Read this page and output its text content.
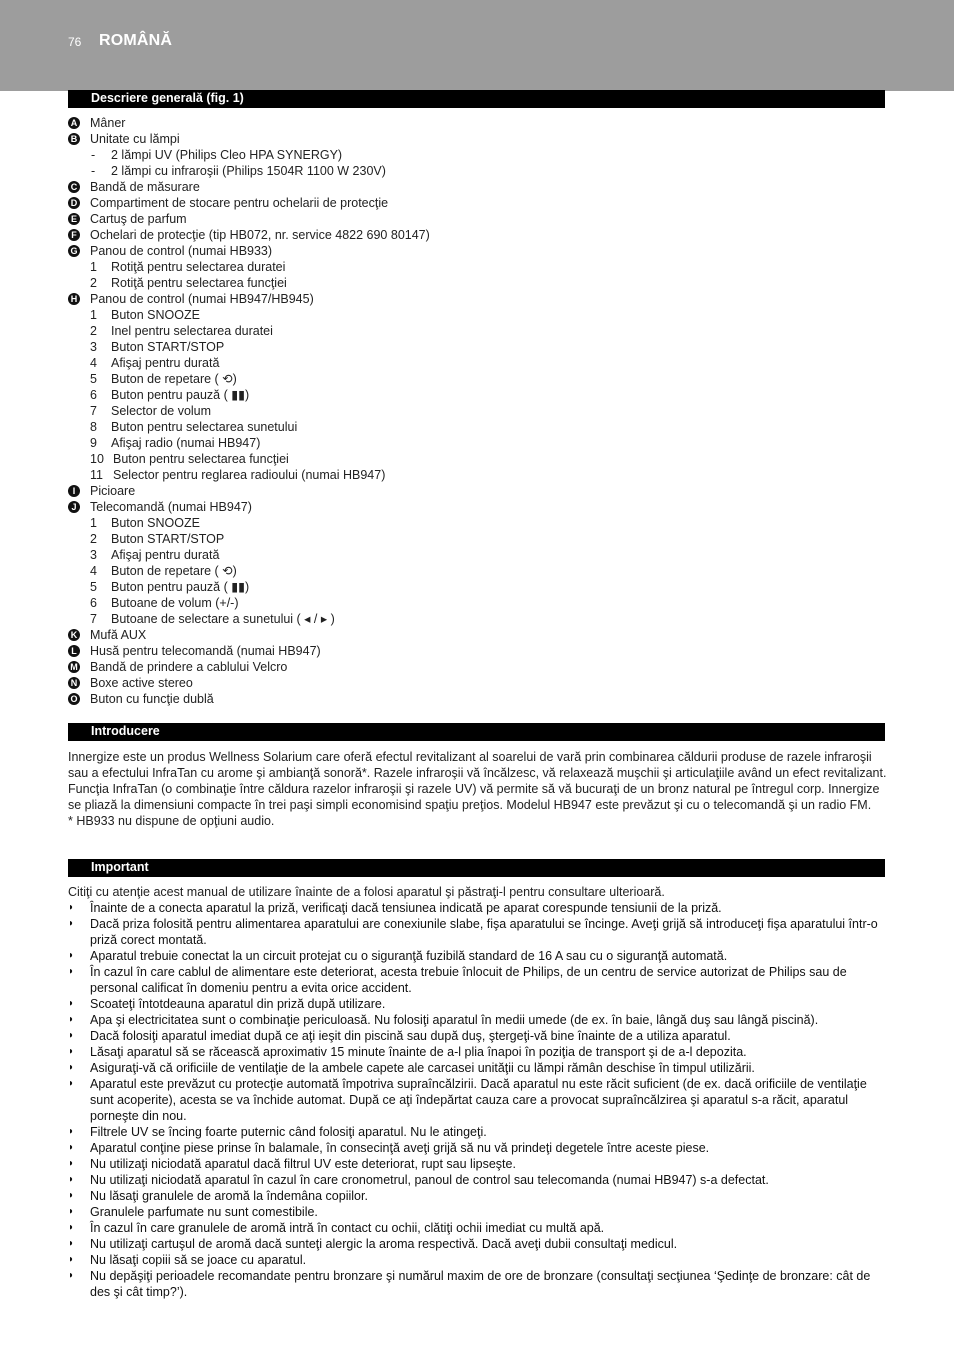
76 ROMÂNĂ
Descriere generală (fig. 1)
A Mâner
B Unitate cu lămpi
- 2 lămpi UV (Philips Cleo HPA SYNERGY)
- 2 lămpi cu infraroşii (Philips 1504R 1100 W 230V)
C Bandă de măsurare
D Compartiment de stocare pentru ochelarii de protecţie
E Cartuş de parfum
F Ochelari de protecţie (tip HB072, nr. service 4822 690 80147)
G Panou de control (numai HB933)
1 Rotiţă pentru selectarea duratei
2 Rotiţă pentru selectarea funcţiei
H Panou de control (numai HB947/HB945)
1 Buton SNOOZE
2 Inel pentru selectarea duratei
3 Buton START/STOP
4 Afişaj pentru durată
5 Buton de repetare ( ⟲)
6 Buton pentru pauză ( ▮▮)
7 Selector de volum
8 Buton pentru selectarea sunetului
9 Afişaj radio (numai HB947)
10 Buton pentru selectarea funcţiei
11 Selector pentru reglarea radioului (numai HB947)
I	Picioare
J Telecomandă (numai HB947)
1 Buton SNOOZE
2 Buton START/STOP
3 Afişaj pentru durată
4 Buton de repetare ( ⟲)
5 Buton pentru pauză ( ▮▮)
6 Butoane de volum (+/-)
7 Butoane de selectare a sunetului ( ◂ / ▸ )
K Mufă AUX
L Husă pentru telecomandă (numai HB947)
M Bandă de prindere a cablului Velcro
N Boxe active stereo
O Buton cu funcţie dublă
Introducere

Innergize este un produs Wellness Solarium care oferă efectul revitalizant al soarelui de vară prin combinarea căldurii produse de razele infraroşii sau a efectului InfraTan cu arome şi ambianţă sonoră*. Razele infraroşii vă încălzesc, vă relaxează muşchii şi articulaţiile având un efect revitalizant. Funcţia InfraTan (o combinaţie între căldura razelor infraroşii şi razele UV) vă permite să vă bucuraţi de un bronz natural pe întregul corp. Innergize se pliază la dimensiuni compacte în trei paşi simpli economisind spaţiu preţios. Modelul HB947 este prevăzut şi cu o telecomandă şi un radio FM.

* HB933 nu dispune de opţiuni audio.

Important
Citiţi cu atenţie acest manual de utilizare înainte de a folosi aparatul şi păstraţi-l pentru consultare ulterioară.
◗ Înainte de a conecta aparatul la priză, verificaţi dacă tensiunea indicată pe aparat corespunde tensiunii de la priză.
◗ Dacă priza folosită pentru alimentarea aparatului are conexiunile slabe, fişa aparatului se încinge. Aveţi grijă să introduceţi fişa aparatului într-o priză corect montată.
◗ Aparatul trebuie conectat la un circuit protejat cu o siguranţă fuzibilă standard de 16 A sau cu o siguranţă automată.
◗ În cazul în care cablul de alimentare este deteriorat, acesta trebuie înlocuit de Philips, de un centru de service autorizat de Philips sau de personal calificat în domeniu pentru a evita orice accident.
◗ Scoateţi întotdeauna aparatul din priză după utilizare.
◗ Apa şi electricitatea sunt o combinaţie periculoasă. Nu folosiţi aparatul în medii umede (de ex. în baie, lângă duş sau lângă piscină).
◗ Dacă folosiţi aparatul imediat după ce aţi ieşit din piscină sau după duş, ştergeţi-vă bine înainte de a utiliza aparatul.
◗ Lăsaţi aparatul să se răcească aproximativ 15 minute înainte de a-l plia înapoi în poziţia de transport şi de a-l depozita.
◗ Asiguraţi-vă că orificiile de ventilaţie de la ambele capete ale carcasei unităţii cu lămpi rămân deschise în timpul utilizării.
◗ Aparatul este prevăzut cu protecţie automată împotriva supraîncălzirii. Dacă aparatul nu este răcit suficient (de ex. dacă orificiile de ventilaţie sunt acoperite), acesta se va închide automat. După ce aţi îndepărtat cauza care a provocat supraîncălzirea şi aparatul s-a răcit, aparatul porneşte din nou.
◗ Filtrele UV se încing foarte puternic când folosiţi aparatul. Nu le atingeţi.
◗ Aparatul conţine piese prinse în balamale, în consecinţă aveţi grijă să nu vă prindeţi degetele între aceste piese.
◗ Nu utilizaţi niciodată aparatul dacă filtrul UV este deteriorat, rupt sau lipseşte.
◗ Nu utilizaţi niciodată aparatul în cazul în care cronometrul, panoul de control sau telecomanda (numai HB947) s-a defectat.
◗ Nu lăsaţi granulele de aromă la îndemâna copiilor.
◗ Granulele parfumate nu sunt comestibile.
◗ În cazul în care granulele de aromă intră în contact cu ochii, clătiţi ochii imediat cu multă apă.
◗ Nu utilizaţi cartuşul de aromă dacă sunteţi alergic la aroma respectivă. Dacă aveţi dubii consultaţi medicul.
◗ Nu lăsaţi copiii să se joace cu aparatul.
◗ Nu depăşiţi perioadele recomandate pentru bronzare şi numărul maxim de ore de bronzare (consultaţi secţiunea ‘Şedinţe de bronzare: cât de des şi cât timp?’).
